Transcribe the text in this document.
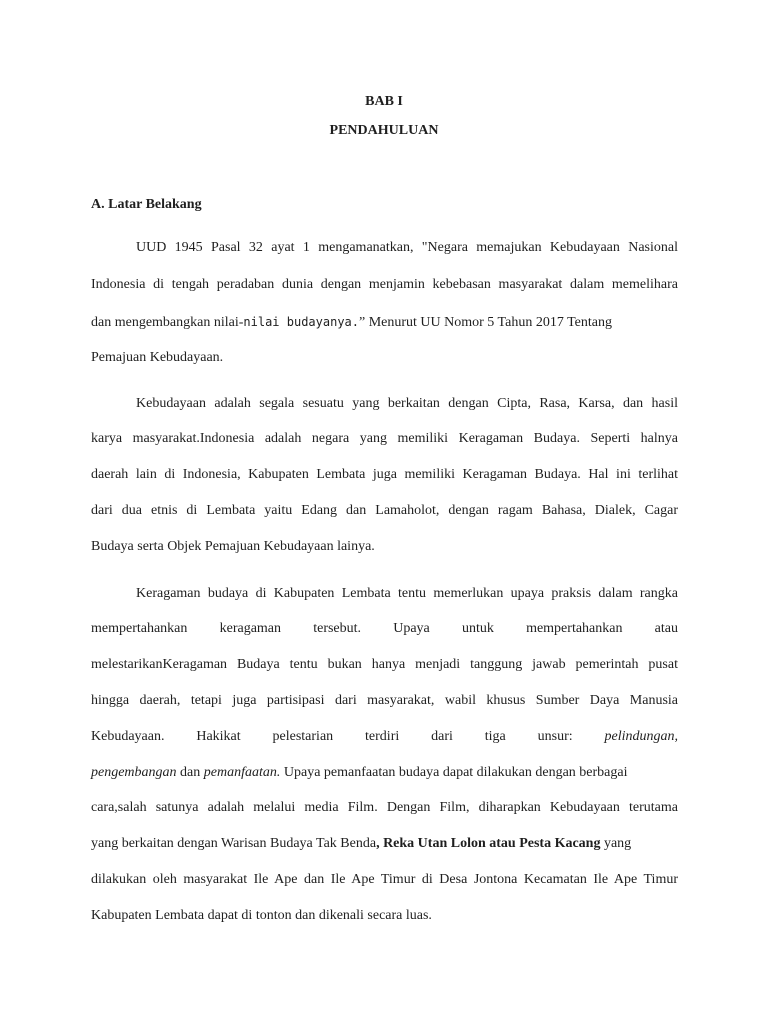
BAB I
PENDAHULUAN
A. Latar Belakang
UUD 1945 Pasal 32 ayat 1 mengamanatkan, "Negara memajukan Kebudayaan Nasional
Indonesia di tengah peradaban dunia dengan menjamin kebebasan masyarakat dalam memelihara
dan mengembangkan nilai-nilai budayanya.” Menurut UU Nomor 5 Tahun 2017 Tentang
Pemajuan Kebudayaan.
Kebudayaan adalah segala sesuatu yang berkaitan dengan Cipta, Rasa, Karsa, dan hasil
karya masyarakat.Indonesia adalah negara yang memiliki Keragaman Budaya. Seperti halnya
daerah lain di Indonesia, Kabupaten Lembata juga memiliki Keragaman Budaya. Hal ini terlihat
dari dua etnis di Lembata yaitu Edang dan Lamaholot, dengan ragam Bahasa, Dialek, Cagar
Budaya serta Objek Pemajuan Kebudayaan lainya.
Keragaman budaya di Kabupaten Lembata tentu memerlukan upaya praksis dalam rangka
mempertahankan keragaman tersebut. Upaya untuk mempertahankan atau
melestarikanKeragaman Budaya tentu bukan hanya menjadi tanggung jawab pemerintah pusat
hingga daerah, tetapi juga partisipasi dari masyarakat, wabil khusus Sumber Daya Manusia
Kebudayaan. Hakikat pelestarian terdiri dari tiga unsur: pelindungan,
pengembangan dan pemanfaatan. Upaya pemanfaatan budaya dapat dilakukan dengan berbagai
cara,salah satunya adalah melalui media Film. Dengan Film, diharapkan Kebudayaan terutama
yang berkaitan dengan Warisan Budaya Tak Benda, Reka Utan Lolon atau Pesta Kacang yang
dilakukan oleh masyarakat Ile Ape dan Ile Ape Timur di Desa Jontona Kecamatan Ile Ape Timur
Kabupaten Lembata dapat di tonton dan dikenali secara luas.
